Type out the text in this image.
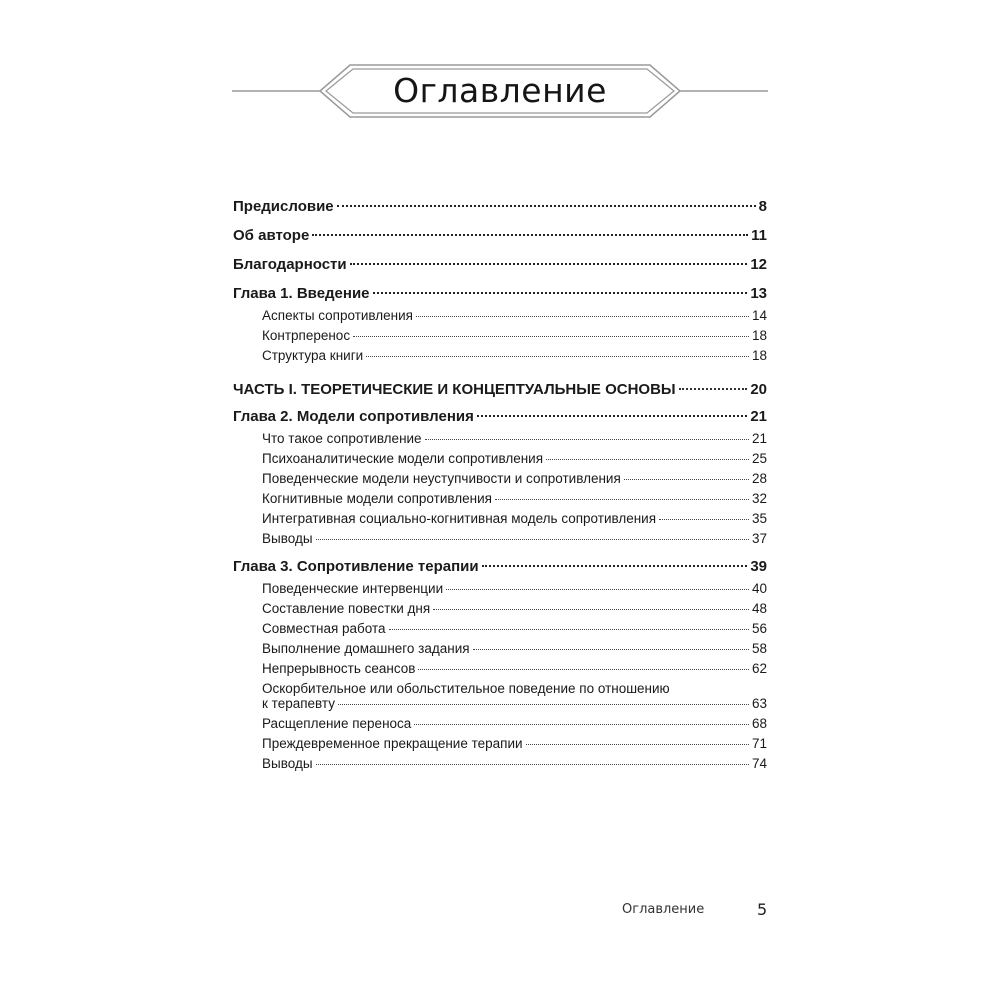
Оглавление
Предисловие	8
Об авторе	11
Благодарности	12
Глава 1. Введение	13
Аспекты сопротивления	14
Контрперенос	18
Структура книги	18
ЧАСТЬ I. ТЕОРЕТИЧЕСКИЕ И КОНЦЕПТУАЛЬНЫЕ ОСНОВЫ	20
Глава 2. Модели сопротивления	21
Что такое сопротивление	21
Психоаналитические модели сопротивления	25
Поведенческие модели неуступчивости и сопротивления	28
Когнитивные модели сопротивления	32
Интегративная социально-когнитивная модель сопротивления	35
Выводы	37
Глава 3. Сопротивление терапии	39
Поведенческие интервенции	40
Составление повестки дня	48
Совместная работа	56
Выполнение домашнего задания	58
Непрерывность сеансов	62
Оскорбительное или обольстительное поведение по отношению
к терапевту	63
Расщепление переноса	68
Преждевременное прекращение терапии	71
Выводы	74
Оглавление	5
